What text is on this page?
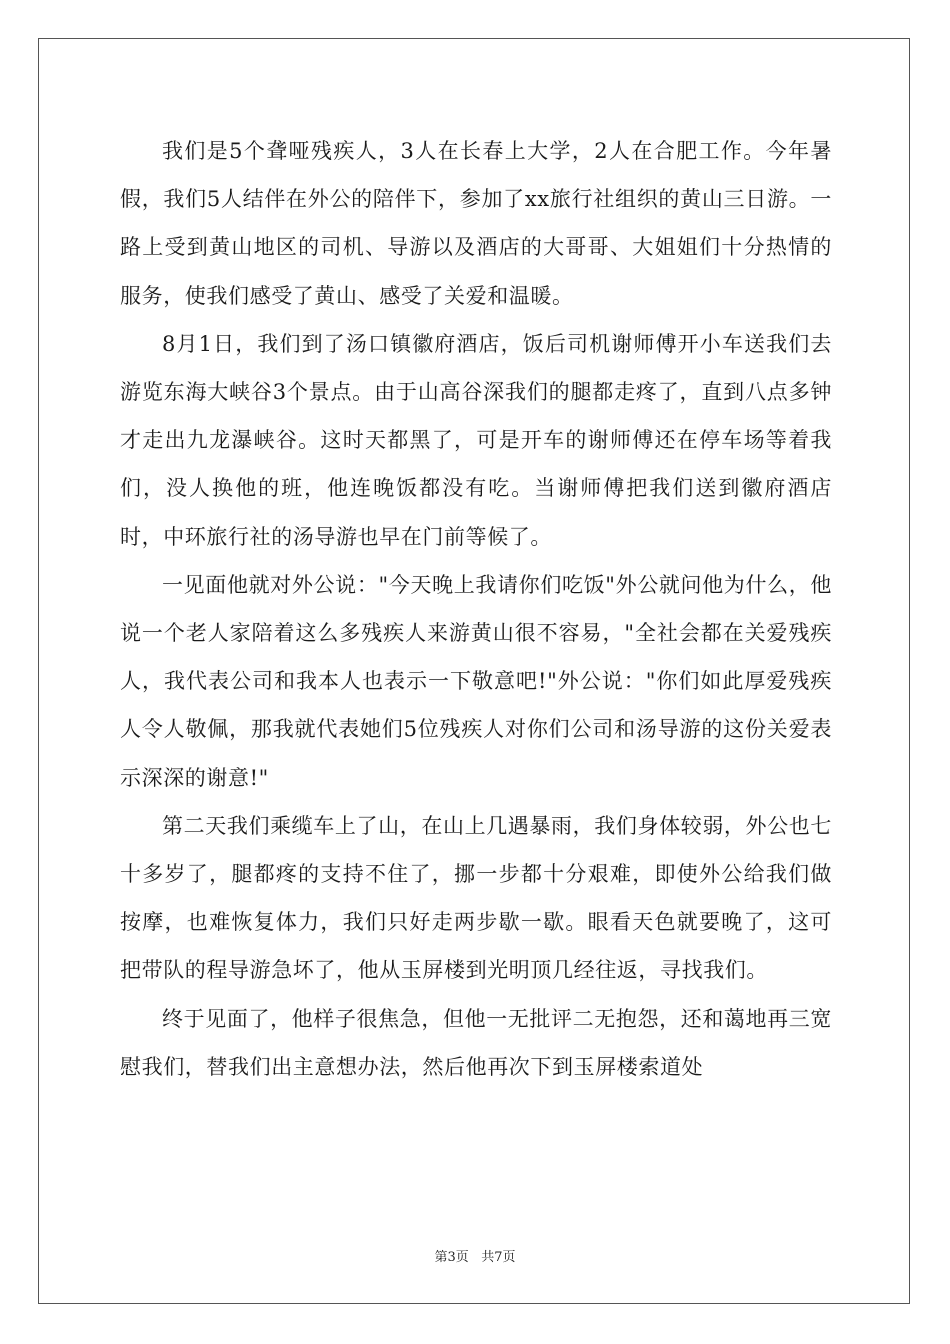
我们是5个聋哑残疾人，3人在长春上大学，2人在合肥工作。今年暑假，我们5人结伴在外公的陪伴下，参加了xx旅行社组织的黄山三日游。一路上受到黄山地区的司机、导游以及酒店的大哥哥、大姐姐们十分热情的服务，使我们感受了黄山、感受了关爱和温暖。

8月1日，我们到了汤口镇徽府酒店，饭后司机谢师傅开小车送我们去游览东海大峡谷3个景点。由于山高谷深我们的腿都走疼了，直到八点多钟才走出九龙瀑峡谷。这时天都黑了，可是开车的谢师傅还在停车场等着我们，没人换他的班，他连晚饭都没有吃。当谢师傅把我们送到徽府酒店时，中环旅行社的汤导游也早在门前等候了。

一见面他就对外公说："今天晚上我请你们吃饭"外公就问他为什么，他说一个老人家陪着这么多残疾人来游黄山很不容易，"全社会都在关爱残疾人，我代表公司和我本人也表示一下敬意吧!"外公说："你们如此厚爱残疾人令人敬佩，那我就代表她们5位残疾人对你们公司和汤导游的这份关爱表示深深的谢意!"

第二天我们乘缆车上了山，在山上几遇暴雨，我们身体较弱，外公也七十多岁了，腿都疼的支持不住了，挪一步都十分艰难，即使外公给我们做按摩，也难恢复体力，我们只好走两步歇一歇。眼看天色就要晚了，这可把带队的程导游急坏了，他从玉屏楼到光明顶几经往返，寻找我们。

终于见面了，他样子很焦急，但他一无批评二无抱怨，还和蔼地再三宽慰我们，替我们出主意想办法，然后他再次下到玉屏楼索道处

第3页 共7页
